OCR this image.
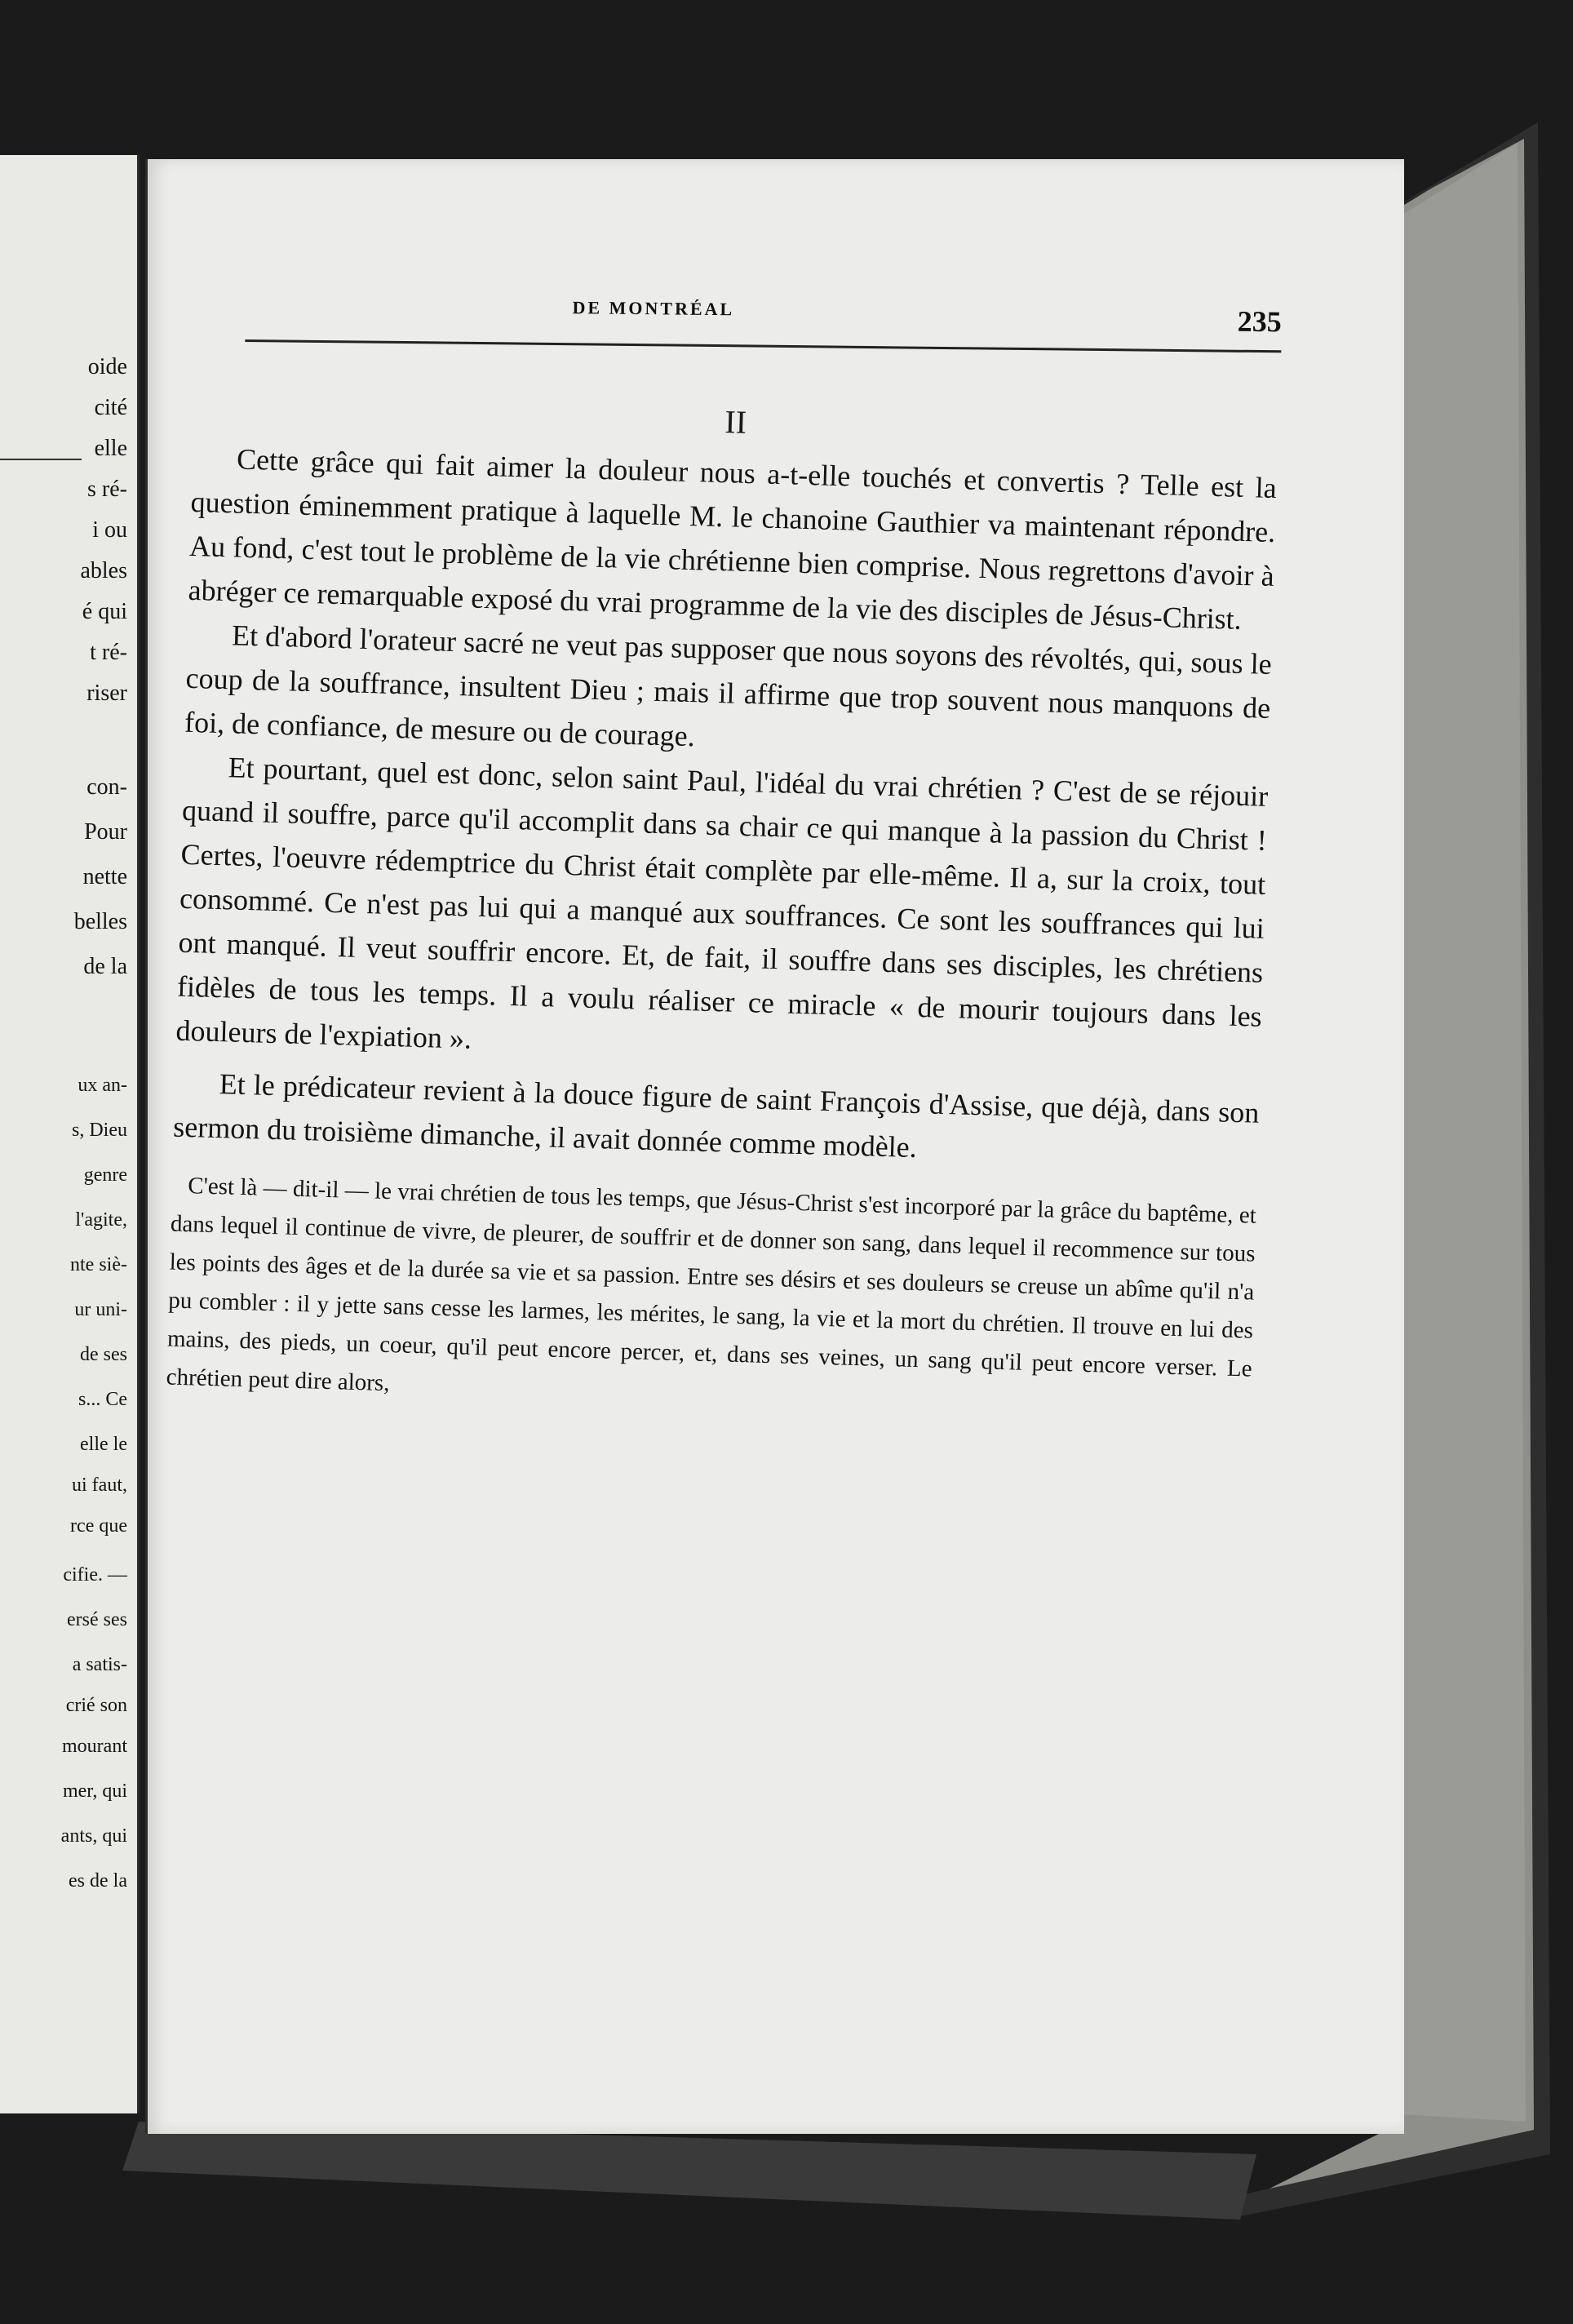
oide
cité
elle
s ré-
i ou
ables
é qui
t ré-
riser
con-
Pour
nette
belles
de la
ux an-
s, Dieu
genre
l'agite,
nte siè-
ur uni-
de ses
s... Ce
elle le
ui faut,
rce que
cifie. —
ersé ses
a satis-
crié son
mourant
mer, qui
ants, qui
es de la
DE MONTRÉAL	235
II

Cette grâce qui fait aimer la douleur nous a-t-elle touchés et convertis ? Telle est la question éminemment pratique à laquelle M. le chanoine Gauthier va maintenant répondre. Au fond, c'est tout le problème de la vie chrétienne bien comprise. Nous regrettons d'avoir à abréger ce remarquable exposé du vrai programme de la vie des disciples de Jésus-Christ.

Et d'abord l'orateur sacré ne veut pas supposer que nous soyons des révoltés, qui, sous le coup de la souffrance, insultent Dieu ; mais il affirme que trop souvent nous manquons de foi, de confiance, de mesure ou de courage.

Et pourtant, quel est donc, selon saint Paul, l'idéal du vrai chrétien ? C'est de se réjouir quand il souffre, parce qu'il accomplit dans sa chair ce qui manque à la passion du Christ ! Certes, l'oeuvre rédemptrice du Christ était complète par elle-même. Il a, sur la croix, tout consommé. Ce n'est pas lui qui a manqué aux souffrances. Ce sont les souffrances qui lui ont manqué. Il veut souffrir encore. Et, de fait, il souffre dans ses disciples, les chrétiens fidèles de tous les temps. Il a voulu réaliser ce miracle « de mourir toujours dans les douleurs de l'expiation ».

Et le prédicateur revient à la douce figure de saint François d'Assise, que déjà, dans son sermon du troisième dimanche, il avait donnée comme modèle.

C'est là — dit-il — le vrai chrétien de tous les temps, que Jésus-Christ s'est incorporé par la grâce du baptême, et dans lequel il continue de vivre, de pleurer, de souffrir et de donner son sang, dans lequel il recommence sur tous les points des âges et de la durée sa vie et sa passion. Entre ses désirs et ses douleurs se creuse un abîme qu'il n'a pu combler : il y jette sans cesse les larmes, les mérites, le sang, la vie et la mort du chrétien. Il trouve en lui des mains, des pieds, un coeur, qu'il peut encore percer, et, dans ses veines, un sang qu'il peut encore verser. Le chrétien peut dire alors,
